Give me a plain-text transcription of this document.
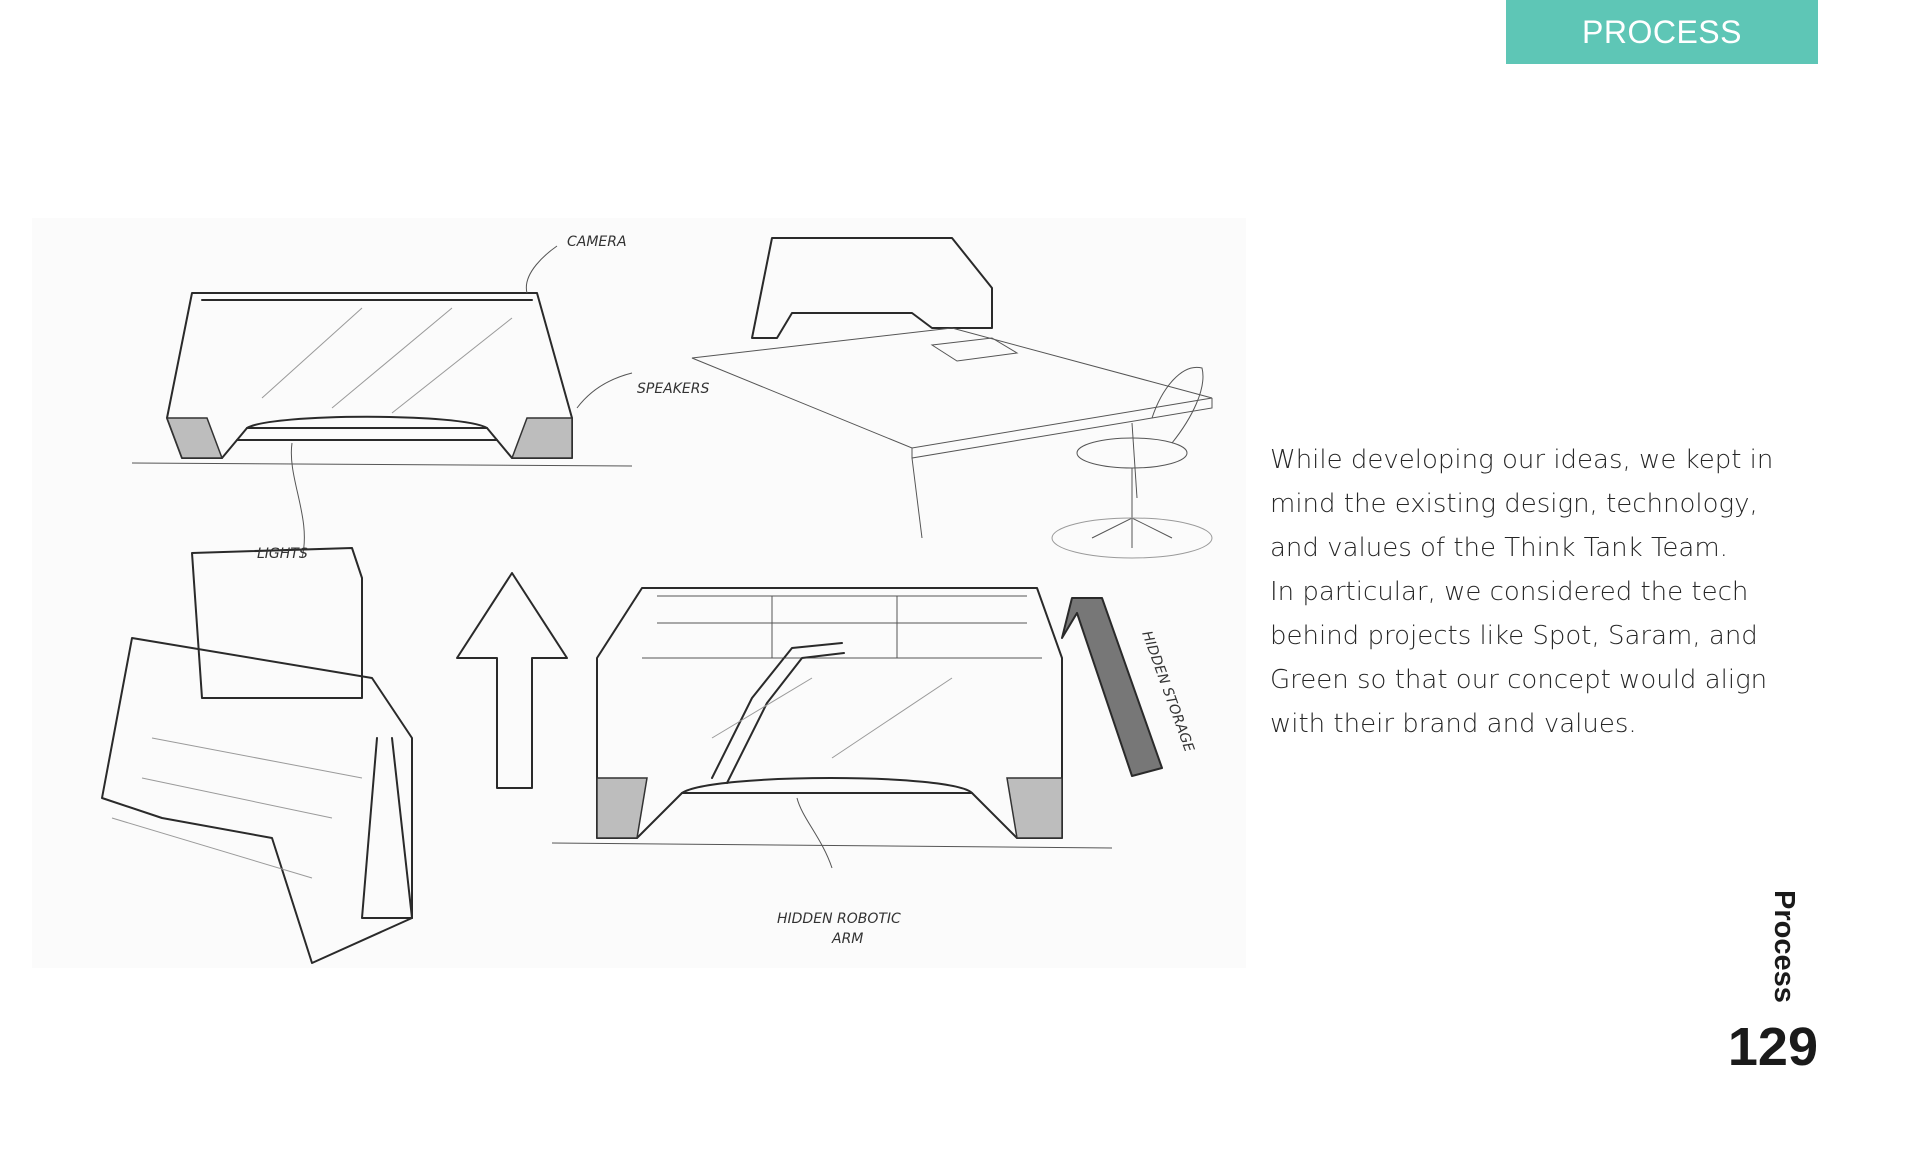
PROCESS
CAMERA
SPEAKERS
LIGHTS
HIDDEN STORAGE
HIDDEN ROBOTIC
ARM

While developing our ideas, we kept in

mind the existing design, technology,

and values of the Think Tank Team.

In particular, we considered the tech

behind projects like Spot, Saram, and

Green so that our concept would align

with their brand and values.

Process
129
